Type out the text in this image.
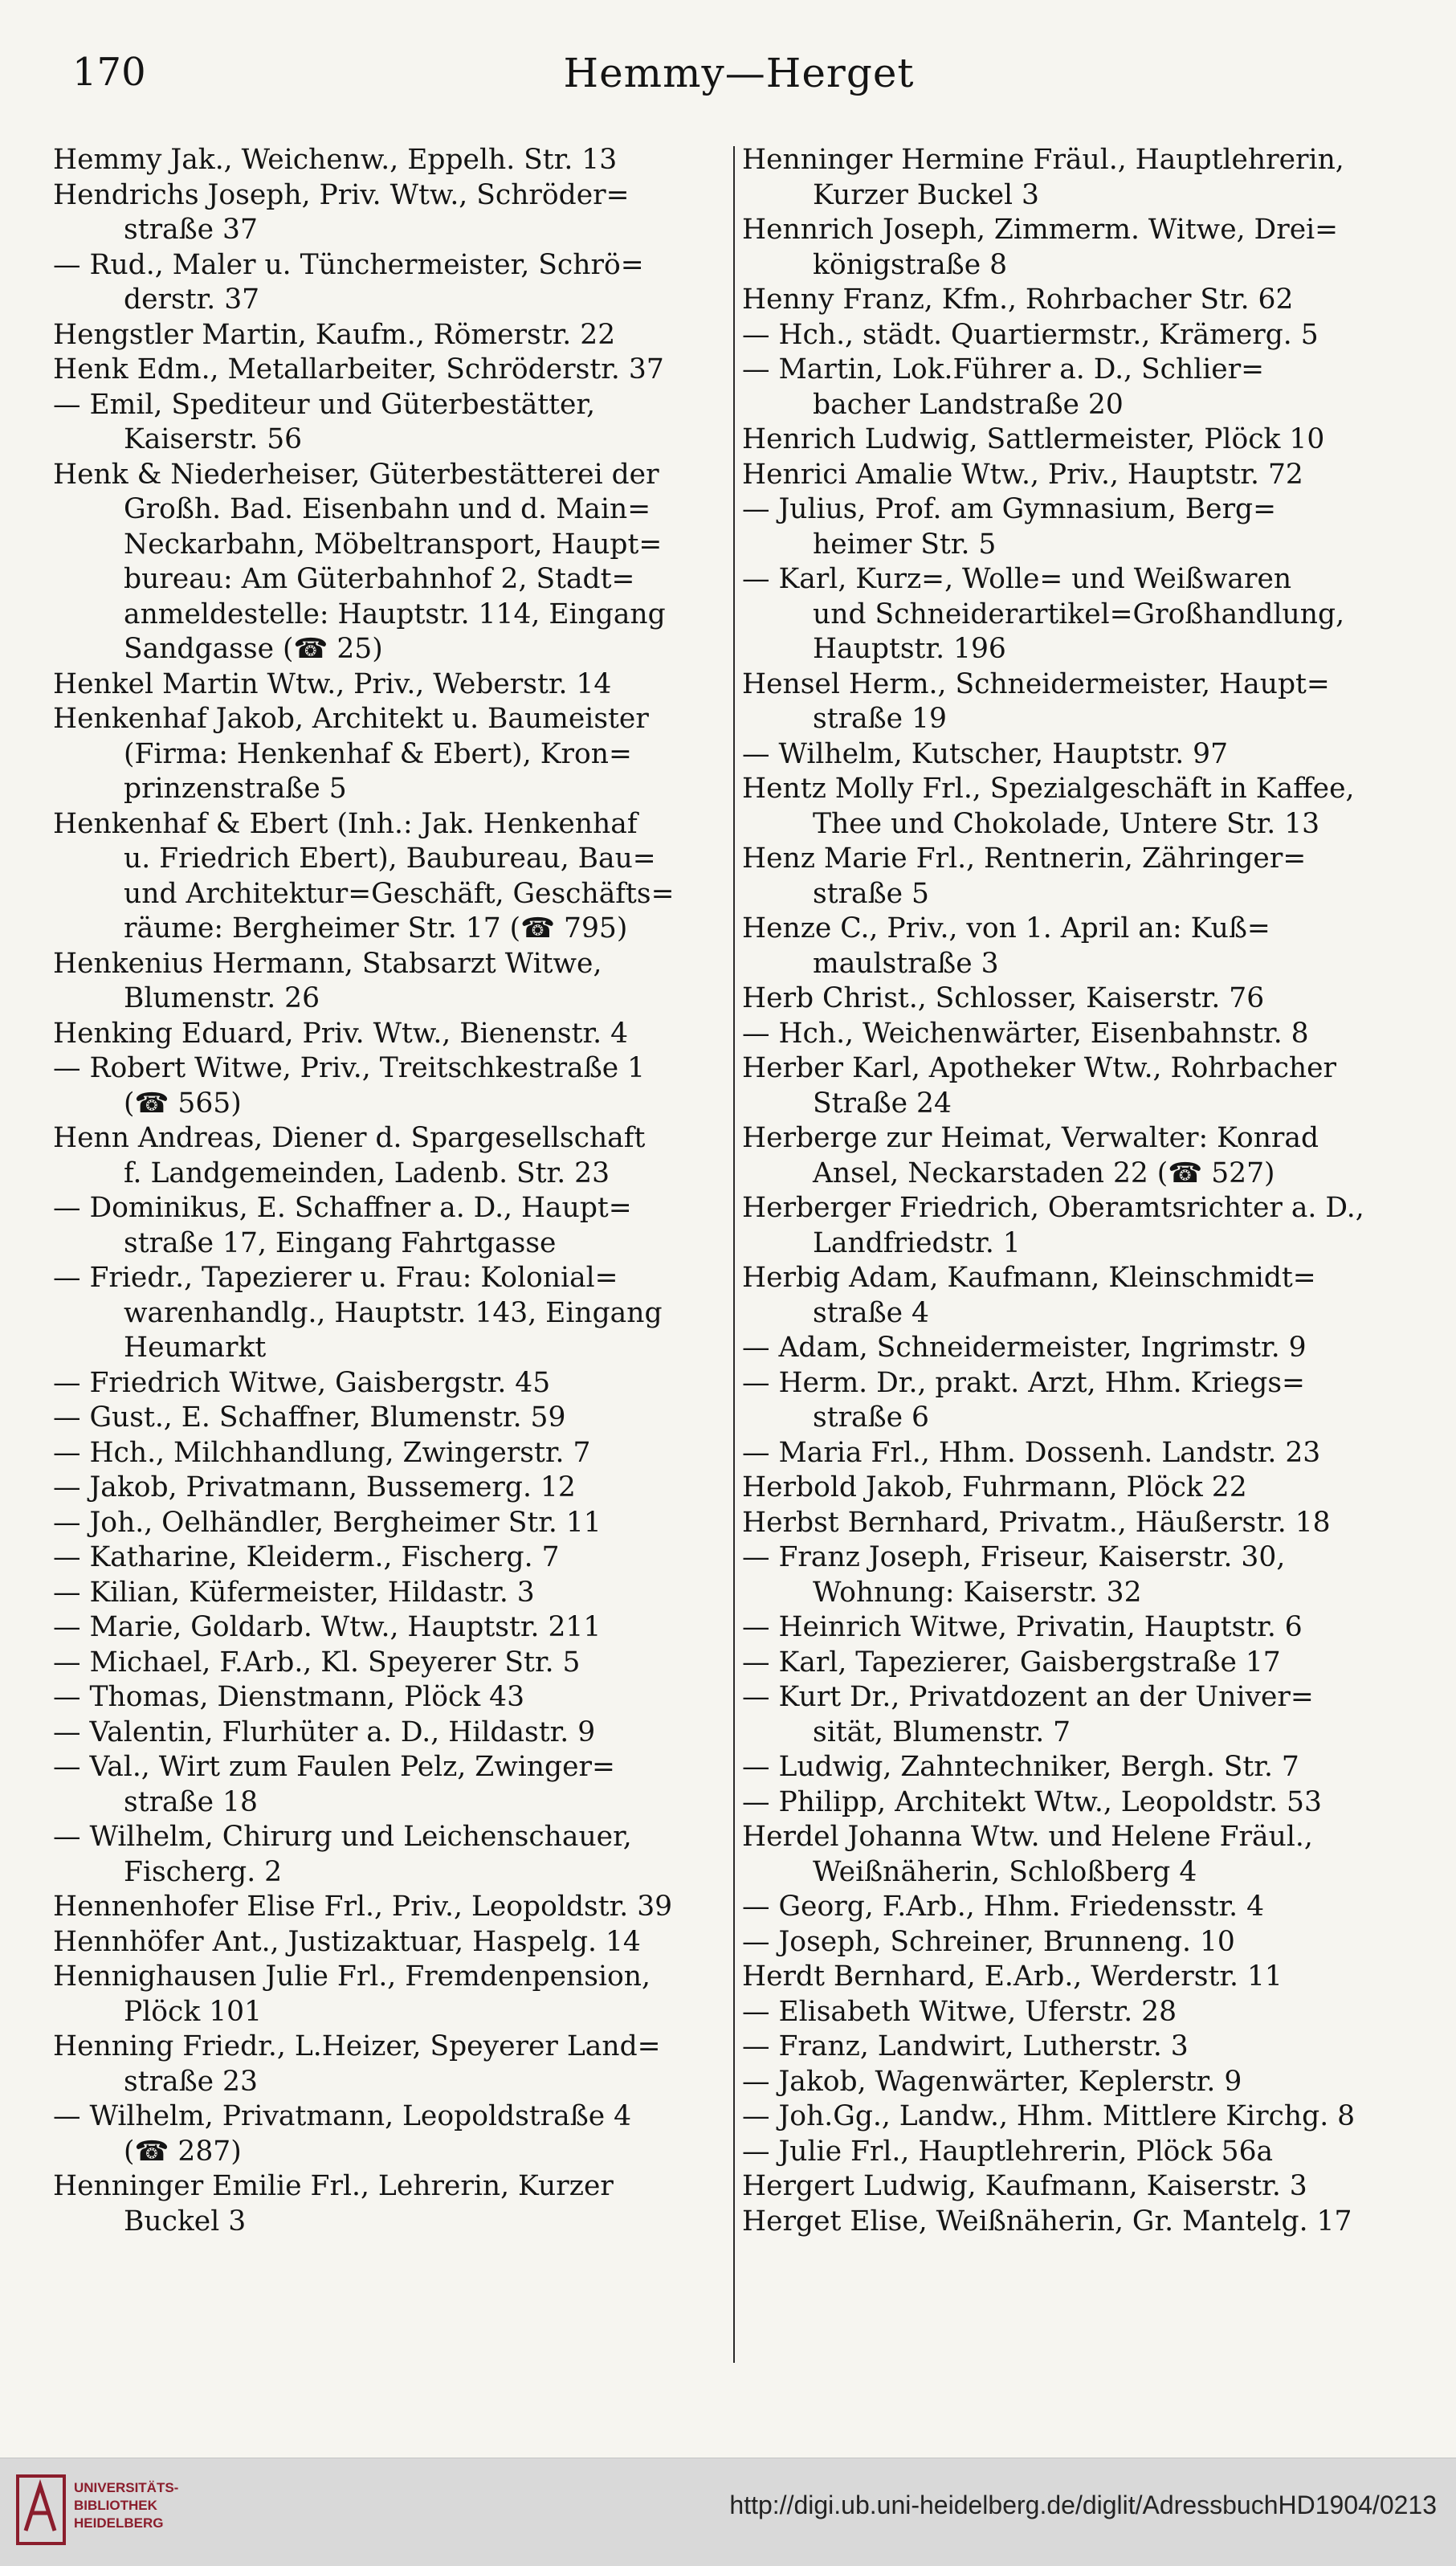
170	Hemmy—Herget
Hemmy Jak., Weichenw., Eppelh. Str. 13
Hendrichs Joseph, Priv. Wtw., Schröder=
straße 37
— Rud., Maler u. Tünchermeister, Schrö=
derstr. 37
Hengstler Martin, Kaufm., Römerstr. 22
Henk Edm., Metallarbeiter, Schröderstr. 37
— Emil, Spediteur und Güterbestätter,
Kaiserstr. 56
Henk & Niederheiser, Güterbestätterei der
Großh. Bad. Eisenbahn und d. Main=
Neckarbahn, Möbeltransport, Haupt=
bureau: Am Güterbahnhof 2, Stadt=
anmeldestelle: Hauptstr. 114, Eingang
Sandgasse (☎ 25)
Henkel Martin Wtw., Priv., Weberstr. 14
Henkenhaf Jakob, Architekt u. Baumeister
(Firma: Henkenhaf & Ebert), Kron=
prinzenstraße 5
Henkenhaf & Ebert (Inh.: Jak. Henkenhaf
u. Friedrich Ebert), Baubureau, Bau=
und Architektur=Geschäft, Geschäfts=
räume: Bergheimer Str. 17 (☎ 795)
Henkenius Hermann, Stabsarzt Witwe,
Blumenstr. 26
Henking Eduard, Priv. Wtw., Bienenstr. 4
— Robert Witwe, Priv., Treitschkestraße 1
(☎ 565)
Henn Andreas, Diener d. Spargesellschaft
f. Landgemeinden, Ladenb. Str. 23
— Dominikus, E. Schaffner a. D., Haupt=
straße 17, Eingang Fahrtgasse
— Friedr., Tapezierer u. Frau: Kolonial=
warenhandlg., Hauptstr. 143, Eingang
Heumarkt
— Friedrich Witwe, Gaisbergstr. 45
— Gust., E. Schaffner, Blumenstr. 59
— Hch., Milchhandlung, Zwingerstr. 7
— Jakob, Privatmann, Bussemerg. 12
— Joh., Oelhändler, Bergheimer Str. 11
— Katharine, Kleiderm., Fischerg. 7
— Kilian, Küfermeister, Hildastr. 3
— Marie, Goldarb. Wtw., Hauptstr. 211
— Michael, F.Arb., Kl. Speyerer Str. 5
— Thomas, Dienstmann, Plöck 43
— Valentin, Flurhüter a. D., Hildastr. 9
— Val., Wirt zum Faulen Pelz, Zwinger=
straße 18
— Wilhelm, Chirurg und Leichenschauer,
Fischerg. 2
Hennenhofer Elise Frl., Priv., Leopoldstr. 39
Hennhöfer Ant., Justizaktuar, Haspelg. 14
Hennighausen Julie Frl., Fremdenpension,
Plöck 101
Henning Friedr., L.Heizer, Speyerer Land=
straße 23
— Wilhelm, Privatmann, Leopoldstraße 4
(☎ 287)
Henninger Emilie Frl., Lehrerin, Kurzer
Buckel 3
Henninger Hermine Fräul., Hauptlehrerin,
Kurzer Buckel 3
Hennrich Joseph, Zimmerm. Witwe, Drei=
königstraße 8
Henny Franz, Kfm., Rohrbacher Str. 62
— Hch., städt. Quartiermstr., Krämerg. 5
— Martin, Lok.Führer a. D., Schlier=
bacher Landstraße 20
Henrich Ludwig, Sattlermeister, Plöck 10
Henrici Amalie Wtw., Priv., Hauptstr. 72
— Julius, Prof. am Gymnasium, Berg=
heimer Str. 5
— Karl, Kurz=, Wolle= und Weißwaren
und Schneiderartikel=Großhandlung,
Hauptstr. 196
Hensel Herm., Schneidermeister, Haupt=
straße 19
— Wilhelm, Kutscher, Hauptstr. 97
Hentz Molly Frl., Spezialgeschäft in Kaffee,
Thee und Chokolade, Untere Str. 13
Henz Marie Frl., Rentnerin, Zähringer=
straße 5
Henze C., Priv., von 1. April an: Kuß=
maulstraße 3
Herb Christ., Schlosser, Kaiserstr. 76
— Hch., Weichenwärter, Eisenbahnstr. 8
Herber Karl, Apotheker Wtw., Rohrbacher
Straße 24
Herberge zur Heimat, Verwalter: Konrad
Ansel, Neckarstaden 22 (☎ 527)
Herberger Friedrich, Oberamtsrichter a. D.,
Landfriedstr. 1
Herbig Adam, Kaufmann, Kleinschmidt=
straße 4
— Adam, Schneidermeister, Ingrimstr. 9
— Herm. Dr., prakt. Arzt, Hhm. Kriegs=
straße 6
— Maria Frl., Hhm. Dossenh. Landstr. 23
Herbold Jakob, Fuhrmann, Plöck 22
Herbst Bernhard, Privatm., Häußerstr. 18
— Franz Joseph, Friseur, Kaiserstr. 30,
Wohnung: Kaiserstr. 32
— Heinrich Witwe, Privatin, Hauptstr. 6
— Karl, Tapezierer, Gaisbergstraße 17
— Kurt Dr., Privatdozent an der Univer=
sität, Blumenstr. 7
— Ludwig, Zahntechniker, Bergh. Str. 7
— Philipp, Architekt Wtw., Leopoldstr. 53
Herdel Johanna Wtw. und Helene Fräul.,
Weißnäherin, Schloßberg 4
— Georg, F.Arb., Hhm. Friedensstr. 4
— Joseph, Schreiner, Brunneng. 10
Herdt Bernhard, E.Arb., Werderstr. 11
— Elisabeth Witwe, Uferstr. 28
— Franz, Landwirt, Lutherstr. 3
— Jakob, Wagenwärter, Keplerstr. 9
— Joh.Gg., Landw., Hhm. Mittlere Kirchg. 8
— Julie Frl., Hauptlehrerin, Plöck 56a
Hergert Ludwig, Kaufmann, Kaiserstr. 3
Herget Elise, Weißnäherin, Gr. Mantelg. 17
UNIVERSITÄTS-
BIBLIOTHEK
HEIDELBERG
http://digi.ub.uni-heidelberg.de/diglit/AdressbuchHD1904/0213
